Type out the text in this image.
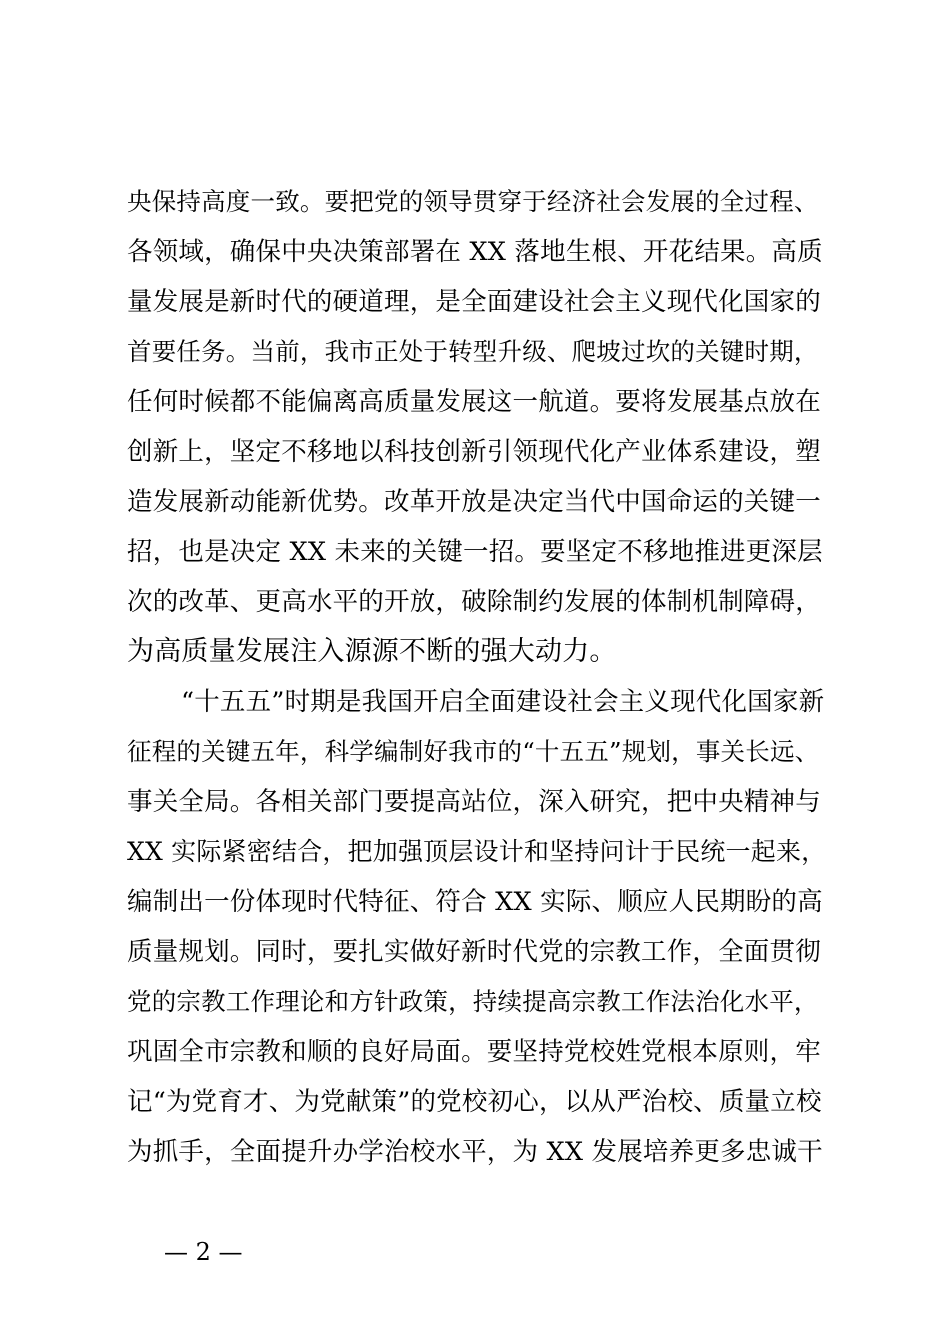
央保持高度一致。要把党的领导贯穿于经济社会发展的全过程、
各领域，确保中央决策部署在 XX 落地生根、开花结果。高质
量发展是新时代的硬道理，是全面建设社会主义现代化国家的
首要任务。当前，我市正处于转型升级、爬坡过坎的关键时期，
任何时候都不能偏离高质量发展这一航道。要将发展基点放在
创新上，坚定不移地以科技创新引领现代化产业体系建设，塑
造发展新动能新优势。改革开放是决定当代中国命运的关键一
招，也是决定 XX 未来的关键一招。要坚定不移地推进更深层
次的改革、更高水平的开放，破除制约发展的体制机制障碍，
为高质量发展注入源源不断的强大动力。
“十五五”时期是我国开启全面建设社会主义现代化国家新
征程的关键五年，科学编制好我市的“十五五”规划，事关长远、
事关全局。各相关部门要提高站位，深入研究，把中央精神与
XX 实际紧密结合，把加强顶层设计和坚持问计于民统一起来，
编制出一份体现时代特征、符合 XX 实际、顺应人民期盼的高
质量规划。同时，要扎实做好新时代党的宗教工作，全面贯彻
党的宗教工作理论和方针政策，持续提高宗教工作法治化水平，
巩固全市宗教和顺的良好局面。要坚持党校姓党根本原则，牢
记“为党育才、为党献策”的党校初心，以从严治校、质量立校
为抓手，全面提升办学治校水平，为 XX 发展培养更多忠诚干
— 2 —
